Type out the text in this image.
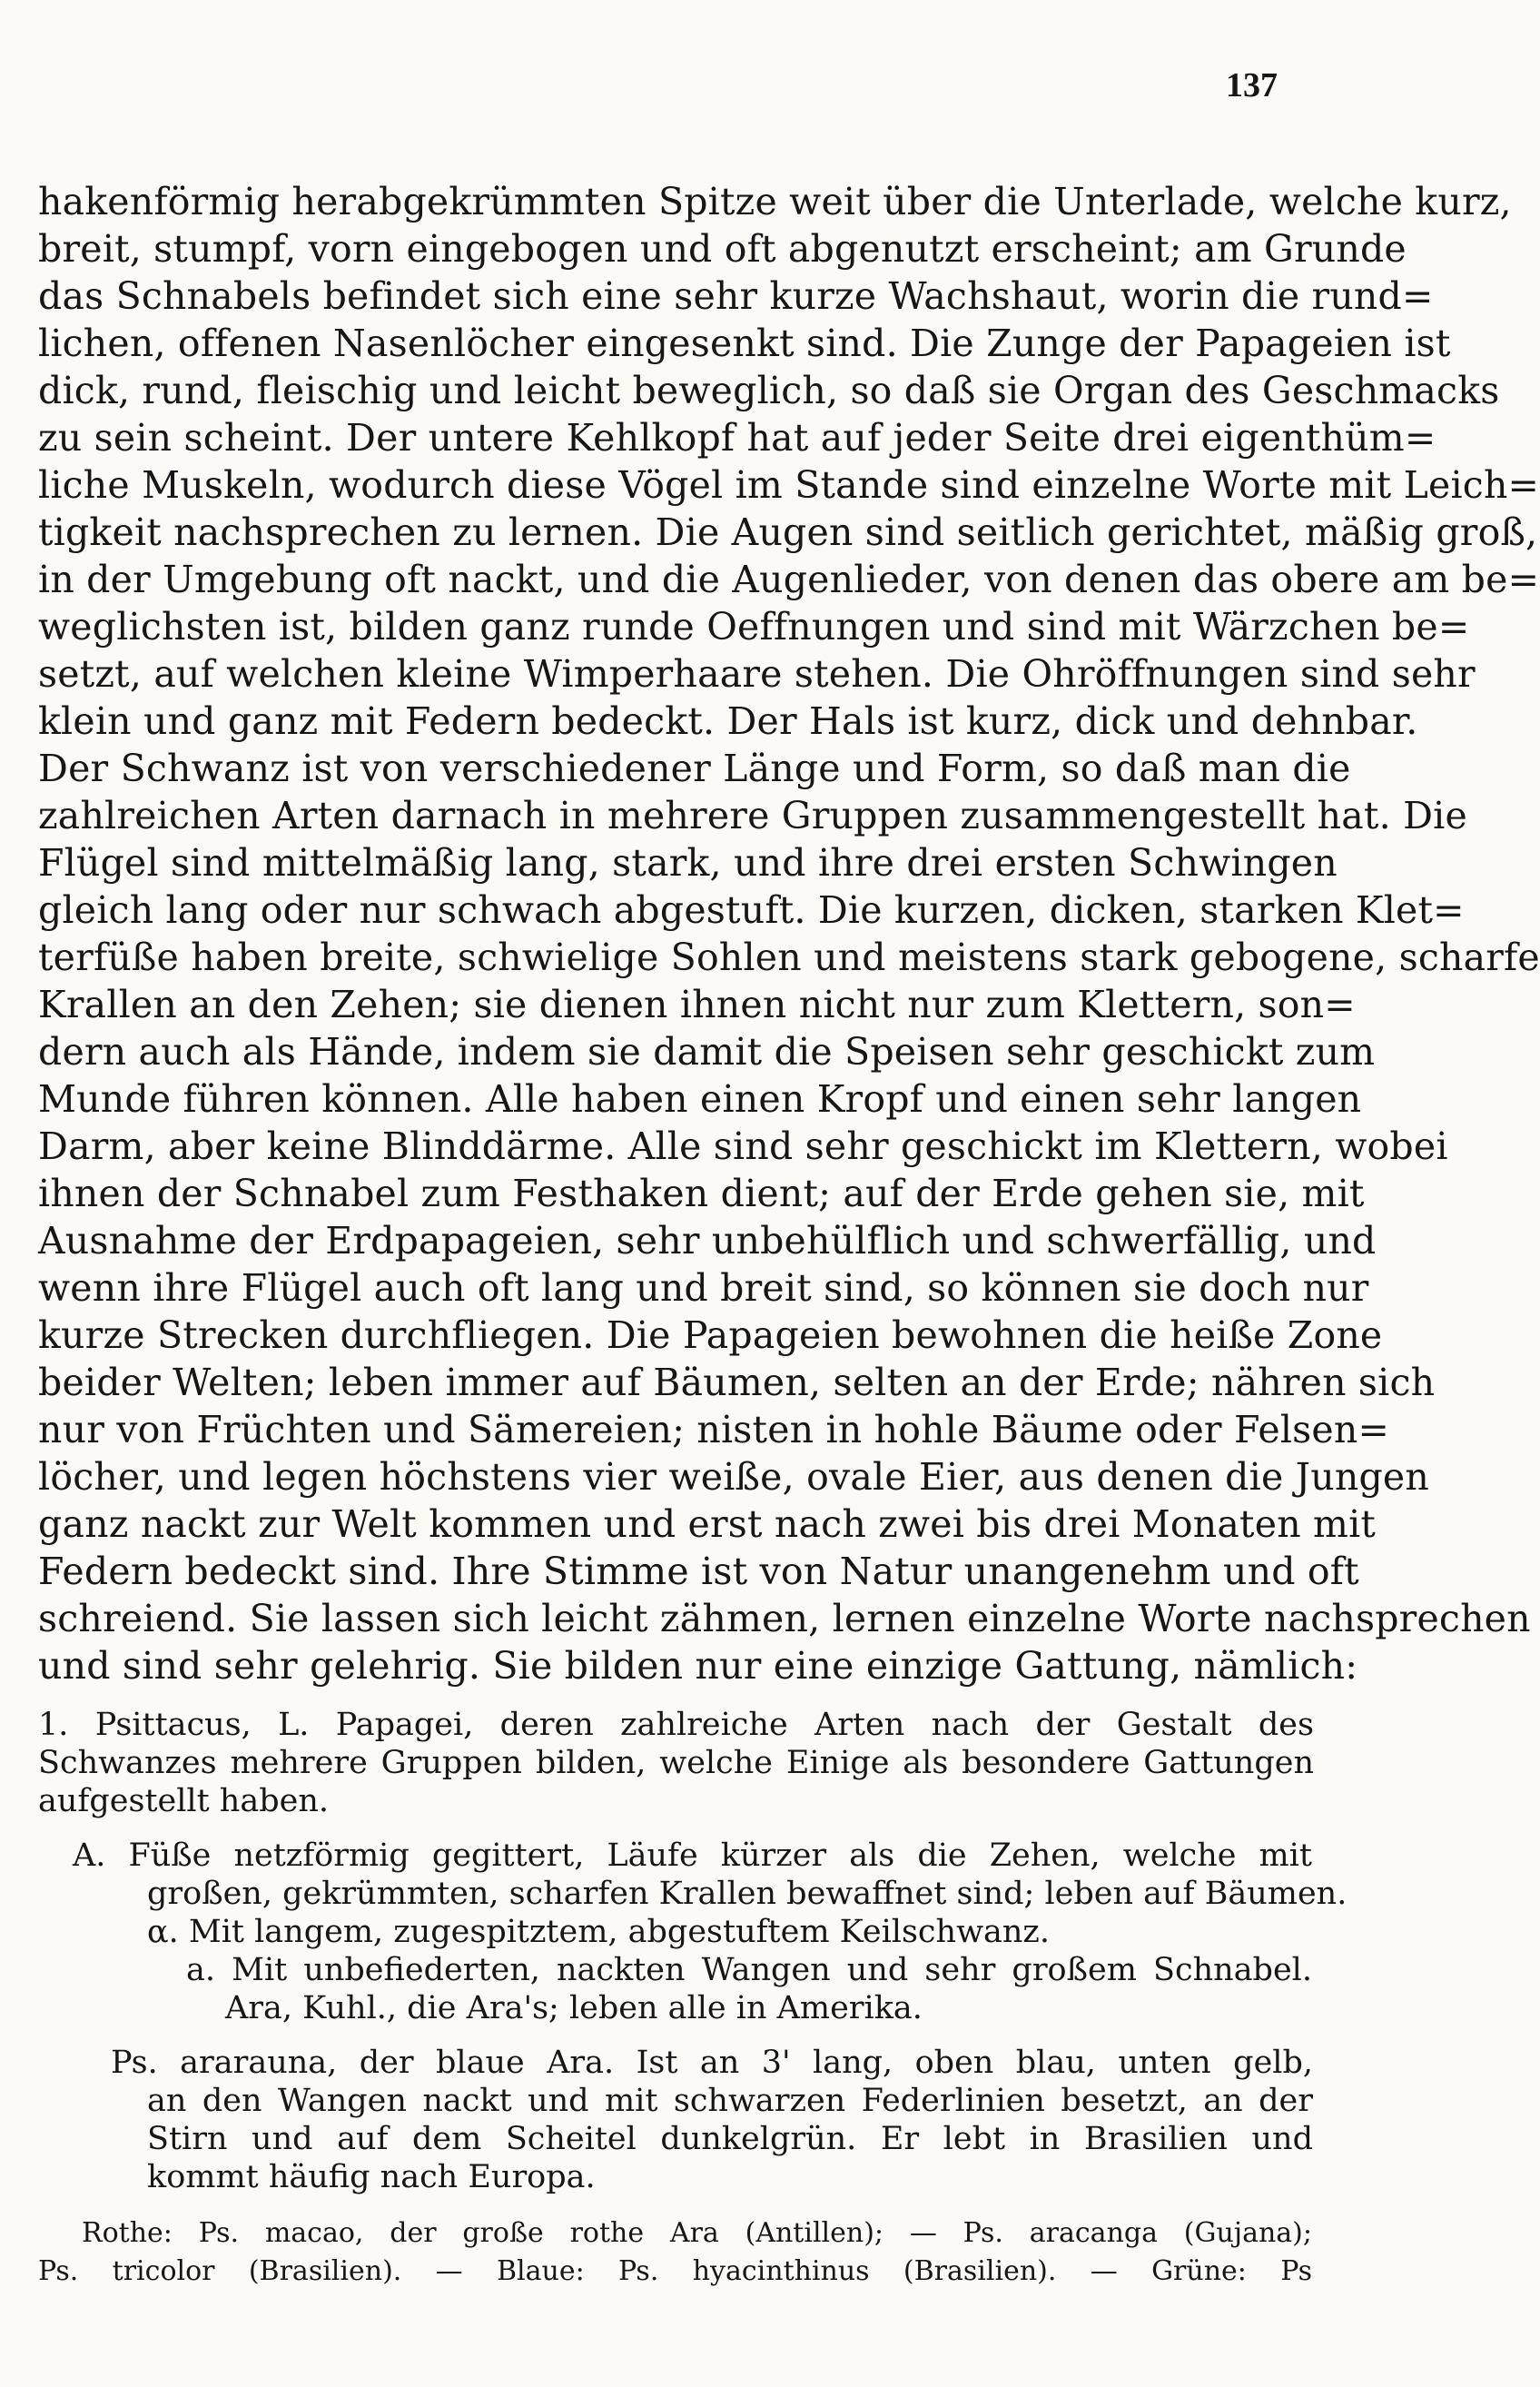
137
hakenförmig herabgekrümmten Spitze weit über die Unterlade, welche kurz,
breit, stumpf, vorn eingebogen und oft abgenutzt erscheint; am Grunde
das Schnabels befindet sich eine sehr kurze Wachshaut, worin die rund=
lichen, offenen Nasenlöcher eingesenkt sind. Die Zunge der Papageien ist
dick, rund, fleischig und leicht beweglich, so daß sie Organ des Geschmacks
zu sein scheint. Der untere Kehlkopf hat auf jeder Seite drei eigenthüm=
liche Muskeln, wodurch diese Vögel im Stande sind einzelne Worte mit Leich=
tigkeit nachsprechen zu lernen. Die Augen sind seitlich gerichtet, mäßig groß,
in der Umgebung oft nackt, und die Augenlieder, von denen das obere am be=
weglichsten ist, bilden ganz runde Oeffnungen und sind mit Wärzchen be=
setzt, auf welchen kleine Wimperhaare stehen. Die Ohröffnungen sind sehr
klein und ganz mit Federn bedeckt. Der Hals ist kurz, dick und dehnbar.
Der Schwanz ist von verschiedener Länge und Form, so daß man die
zahlreichen Arten darnach in mehrere Gruppen zusammengestellt hat. Die
Flügel sind mittelmäßig lang, stark, und ihre drei ersten Schwingen
gleich lang oder nur schwach abgestuft. Die kurzen, dicken, starken Klet=
terfüße haben breite, schwielige Sohlen und meistens stark gebogene, scharfe
Krallen an den Zehen; sie dienen ihnen nicht nur zum Klettern, son=
dern auch als Hände, indem sie damit die Speisen sehr geschickt zum
Munde führen können. Alle haben einen Kropf und einen sehr langen
Darm, aber keine Blinddärme. Alle sind sehr geschickt im Klettern, wobei
ihnen der Schnabel zum Festhaken dient; auf der Erde gehen sie, mit
Ausnahme der Erdpapageien, sehr unbehülflich und schwerfällig, und
wenn ihre Flügel auch oft lang und breit sind, so können sie doch nur
kurze Strecken durchfliegen. Die Papageien bewohnen die heiße Zone
beider Welten; leben immer auf Bäumen, selten an der Erde; nähren sich
nur von Früchten und Sämereien; nisten in hohle Bäume oder Felsen=
löcher, und legen höchstens vier weiße, ovale Eier, aus denen die Jungen
ganz nackt zur Welt kommen und erst nach zwei bis drei Monaten mit
Federn bedeckt sind. Ihre Stimme ist von Natur unangenehm und oft
schreiend. Sie lassen sich leicht zähmen, lernen einzelne Worte nachsprechen
und sind sehr gelehrig. Sie bilden nur eine einzige Gattung, nämlich:
1. Psittacus, L. Papagei, deren zahlreiche Arten nach der Gestalt des
Schwanzes mehrere Gruppen bilden, welche Einige als besondere Gattungen
aufgestellt haben.
A. Füße netzförmig gegittert, Läufe kürzer als die Zehen, welche mit
großen, gekrümmten, scharfen Krallen bewaffnet sind; leben auf Bäumen.
α. Mit langem, zugespitztem, abgestuftem Keilschwanz.
a. Mit unbefiederten, nackten Wangen und sehr großem Schnabel.
Ara, Kuhl., die Ara's; leben alle in Amerika.
Ps. ararauna, der blaue Ara. Ist an 3' lang, oben blau, unten gelb,
an den Wangen nackt und mit schwarzen Federlinien besetzt, an der
Stirn und auf dem Scheitel dunkelgrün. Er lebt in Brasilien und
kommt häufig nach Europa.
Rothe: Ps. macao, der große rothe Ara (Antillen); — Ps. aracanga (Gujana);
Ps. tricolor (Brasilien). — Blaue: Ps. hyacinthinus (Brasilien). — Grüne: Ps
